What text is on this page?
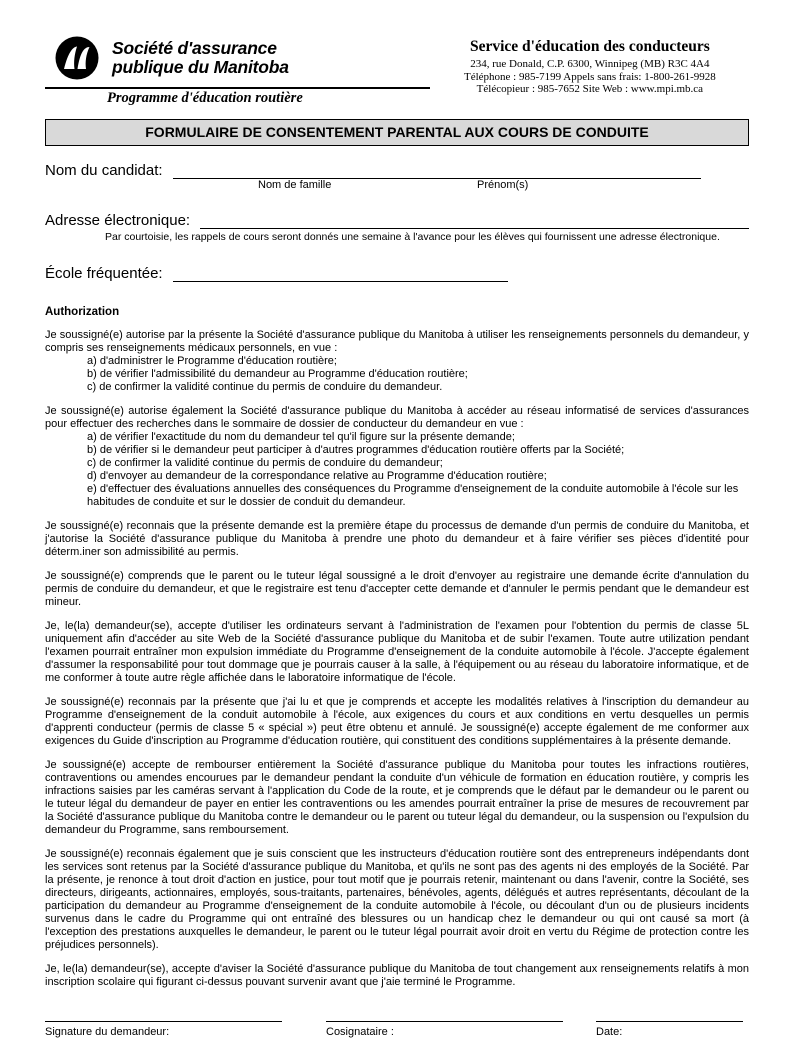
Société d'assurance
publique du Manitoba
Programme d'éducation routière
Service d'éducation des conducteurs
234, rue Donald, C.P. 6300, Winnipeg (MB) R3C 4A4
Téléphone : 985-7199 Appels sans frais: 1-800-261-9928
Télécopieur : 985-7652 Site Web : www.mpi.mb.ca
FORMULAIRE DE CONSENTEMENT PARENTAL AUX COURS DE CONDUITE
Nom du candidat:
Nom de famille	Prénom(s)
Adresse électronique:
Par courtoisie, les rappels de cours seront donnés une semaine à l'avance pour les élèves qui fournissent une adresse électronique.
École fréquentée:
Authorization

Je soussigné(e) autorise par la présente la Société d'assurance publique du Manitoba à utiliser les renseignements personnels du demandeur, y compris ses renseignements médicaux personnels, en vue :

a) d'administrer le Programme d'éducation routière;
b) de vérifier l'admissibilité du demandeur au Programme d'éducation routière;
c) de confirmer la validité continue du permis de conduire du demandeur.

Je soussigné(e) autorise également la Société d'assurance publique du Manitoba à accéder au réseau informatisé de services d'assurances pour effectuer des recherches dans le sommaire de dossier de conducteur du demandeur en vue :

a) de vérifier l'exactitude du nom du demandeur tel qu'il figure sur la présente demande;
b) de vérifier si le demandeur peut participer à d'autres programmes d'éducation routière offerts par la Société;
c) de confirmer la validité continue du permis de conduire du demandeur;
d) d'envoyer au demandeur de la correspondance relative au Programme d'éducation routière;
e) d'effectuer des évaluations annuelles des conséquences du Programme d'enseignement de la conduite automobile à l'école sur les habitudes de conduite et sur le dossier de conduit du demandeur.

Je soussigné(e) reconnais que la présente demande est la première étape du processus de demande d'un permis de conduire du Manitoba, et j'autorise la Société d'assurance publique du Manitoba à prendre une photo du demandeur et à faire vérifier ses pièces d'identité pour déterm.iner son admissibilité au permis.

Je soussigné(e) comprends que le parent ou le tuteur légal soussigné a le droit d'envoyer au registraire une demande écrite d'annulation du permis de conduire du demandeur, et que le registraire est tenu d'accepter cette demande et d'annuler le permis pendant que le demandeur est mineur.

Je, le(la) demandeur(se), accepte d'utiliser les ordinateurs servant à l'administration de l'examen pour l'obtention du permis de classe 5L uniquement afin d'accéder au site Web de la Société d'assurance publique du Manitoba et de subir l'examen. Toute autre utilization pendant l'examen pourrait entraîner mon expulsion immédiate du Programme d'enseignement de la conduite automobile à l'école. J'accepte également d'assumer la responsabilité pour tout dommage que je pourrais causer à la salle, à l'équipement ou au réseau du laboratoire informatique, et de me conformer à toute autre règle affichée dans le laboratoire informatique de l'école.

Je soussigné(e) reconnais par la présente que j'ai lu et que je comprends et accepte les modalités relatives à l'inscription du demandeur au Programme d'enseignement de la conduit automobile à l'école, aux exigences du cours et aux conditions en vertu desquelles un permis d'apprenti conducteur (permis de classe 5 « spécial ») peut être obtenu et annulé. Je soussigné(e) accepte également de me conformer aux exigences du Guide d'inscription au Programme d'éducation routière, qui constituent des conditions supplémentaires à la présente demande.

Je soussigné(e) accepte de rembourser entièrement la Société d'assurance publique du Manitoba pour toutes les infractions routières, contraventions ou amendes encourues par le demandeur pendant la conduite d'un véhicule de formation en éducation routière, y compris les infractions saisies par les caméras servant à l'application du Code de la route, et je comprends que le défaut par le demandeur ou le parent ou le tuteur légal du demandeur de payer en entier les contraventions ou les amendes pourrait entraîner la prise de mesures de recouvrement par la Société d'assurance publique du Manitoba contre le demandeur ou le parent ou tuteur légal du demandeur, ou la suspension ou l'expulsion du demandeur du Programme, sans remboursement.

Je soussigné(e) reconnais également que je suis conscient que les instructeurs d'éducation routière sont des entrepreneurs indépendants dont les services sont retenus par la Société d'assurance publique du Manitoba, et qu'ils ne sont pas des agents ni des employés de la Société. Par la présente, je renonce à tout droit d'action en justice, pour tout motif que je pourrais retenir, maintenant ou dans l'avenir, contre la Société, ses directeurs, dirigeants, actionnaires, employés, sous-traitants, partenaires, bénévoles, agents, délégués et autres représentants, découlant de la participation du demandeur au Programme d'enseignement de la conduite automobile à l'école, ou découlant d'un ou de plusieurs incidents survenus dans le cadre du Programme qui ont entraîné des blessures ou un handicap chez le demandeur ou qui ont causé sa mort (à l'exception des prestations auxquelles le demandeur, le parent ou le tuteur légal pourrait avoir droit en vertu du Régime de protection contre les préjudices personnels).

Je, le(la) demandeur(se), accepte d'aviser la Société d'assurance publique du Manitoba de tout changement aux renseignements relatifs à mon inscription scolaire qui figurant ci-dessus pouvant survenir avant que j'aie terminé le Programme.

Signature du demandeur:	Cosignataire :	Date:
